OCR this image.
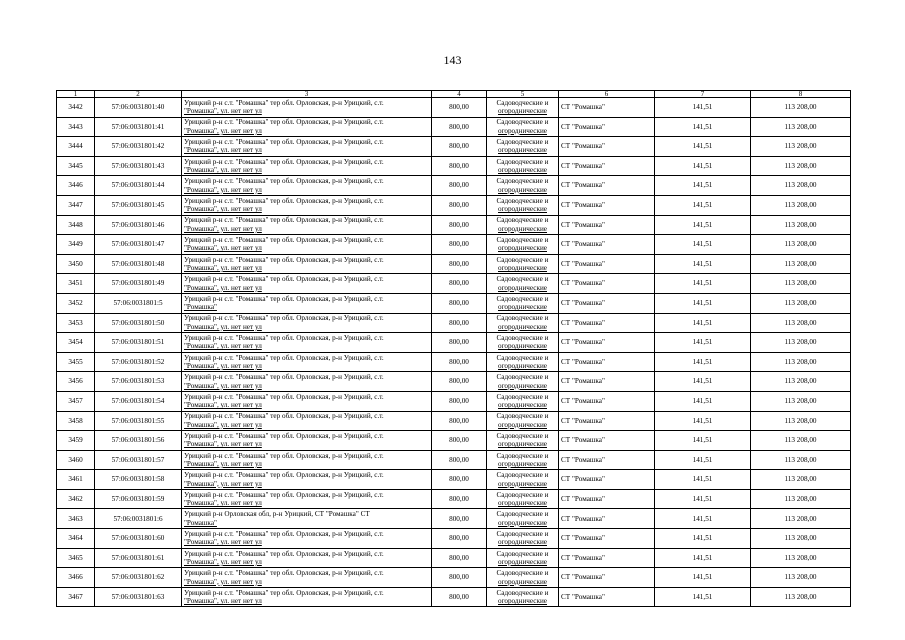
143
1	2	3	4	5	6	7	8
3442	57:06:0031801:40	Урицкий р-н с.т. "Ромашка" тер обл. Орловская, р-н Урицкий, с.т.
"Ромашка", ул. нет нет ул	800,00	Садоводческие и
огороднические	СТ "Ромашка"	141,51	113 208,00
3443	57:06:0031801:41	Урицкий р-н с.т. "Ромашка" тер обл. Орловская, р-н Урицкий, с.т.
"Ромашка", ул. нет нет ул	800,00	Садоводческие и
огороднические	СТ "Ромашка"	141,51	113 208,00
3444	57:06:0031801:42	Урицкий р-н с.т. "Ромашка" тер обл. Орловская, р-н Урицкий, с.т.
"Ромашка", ул. нет нет ул	800,00	Садоводческие и
огороднические	СТ "Ромашка"	141,51	113 208,00
3445	57:06:0031801:43	Урицкий р-н с.т. "Ромашка" тер обл. Орловская, р-н Урицкий, с.т.
"Ромашка", ул. нет нет ул	800,00	Садоводческие и
огороднические	СТ "Ромашка"	141,51	113 208,00
3446	57:06:0031801:44	Урицкий р-н с.т. "Ромашка" тер обл. Орловская, р-н Урицкий, с.т.
"Ромашка", ул. нет нет ул	800,00	Садоводческие и
огороднические	СТ "Ромашка"	141,51	113 208,00
3447	57:06:0031801:45	Урицкий р-н с.т. "Ромашка" тер обл. Орловская, р-н Урицкий, с.т.
"Ромашка", ул. нет нет ул	800,00	Садоводческие и
огороднические	СТ "Ромашка"	141,51	113 208,00
3448	57:06:0031801:46	Урицкий р-н с.т. "Ромашка" тер обл. Орловская, р-н Урицкий, с.т.
"Ромашка", ул. нет нет ул	800,00	Садоводческие и
огороднические	СТ "Ромашка"	141,51	113 208,00
3449	57:06:0031801:47	Урицкий р-н с.т. "Ромашка" тер обл. Орловская, р-н Урицкий, с.т.
"Ромашка", ул. нет нет ул	800,00	Садоводческие и
огороднические	СТ "Ромашка"	141,51	113 208,00
3450	57:06:0031801:48	Урицкий р-н с.т. "Ромашка" тер обл. Орловская, р-н Урицкий, с.т.
"Ромашка", ул. нет нет ул	800,00	Садоводческие и
огороднические	СТ "Ромашка"	141,51	113 208,00
3451	57:06:0031801:49	Урицкий р-н с.т. "Ромашка" тер обл. Орловская, р-н Урицкий, с.т.
"Ромашка", ул. нет нет ул	800,00	Садоводческие и
огороднические	СТ "Ромашка"	141,51	113 208,00
3452	57:06:0031801:5	Урицкий р-н с.т. "Ромашка" тер обл. Орловская, р-н Урицкий, с.т.
"Ромашка"	800,00	Садоводческие и
огороднические	СТ "Ромашка"	141,51	113 208,00
3453	57:06:0031801:50	Урицкий р-н с.т. "Ромашка" тер обл. Орловская, р-н Урицкий, с.т.
"Ромашка", ул. нет нет ул	800,00	Садоводческие и
огороднические	СТ "Ромашка"	141,51	113 208,00
3454	57:06:0031801:51	Урицкий р-н с.т. "Ромашка" тер обл. Орловская, р-н Урицкий, с.т.
"Ромашка", ул. нет нет ул	800,00	Садоводческие и
огороднические	СТ "Ромашка"	141,51	113 208,00
3455	57:06:0031801:52	Урицкий р-н с.т. "Ромашка" тер обл. Орловская, р-н Урицкий, с.т.
"Ромашка", ул. нет нет ул	800,00	Садоводческие и
огороднические	СТ "Ромашка"	141,51	113 208,00
3456	57:06:0031801:53	Урицкий р-н с.т. "Ромашка" тер обл. Орловская, р-н Урицкий, с.т.
"Ромашка", ул. нет нет ул	800,00	Садоводческие и
огороднические	СТ "Ромашка"	141,51	113 208,00
3457	57:06:0031801:54	Урицкий р-н с.т. "Ромашка" тер обл. Орловская, р-н Урицкий, с.т.
"Ромашка", ул. нет нет ул	800,00	Садоводческие и
огороднические	СТ "Ромашка"	141,51	113 208,00
3458	57:06:0031801:55	Урицкий р-н с.т. "Ромашка" тер обл. Орловская, р-н Урицкий, с.т.
"Ромашка", ул. нет нет ул	800,00	Садоводческие и
огороднические	СТ "Ромашка"	141,51	113 208,00
3459	57:06:0031801:56	Урицкий р-н с.т. "Ромашка" тер обл. Орловская, р-н Урицкий, с.т.
"Ромашка", ул. нет нет ул	800,00	Садоводческие и
огороднические	СТ "Ромашка"	141,51	113 208,00
3460	57:06:0031801:57	Урицкий р-н с.т. "Ромашка" тер обл. Орловская, р-н Урицкий, с.т.
"Ромашка", ул. нет нет ул	800,00	Садоводческие и
огороднические	СТ "Ромашка"	141,51	113 208,00
3461	57:06:0031801:58	Урицкий р-н с.т. "Ромашка" тер обл. Орловская, р-н Урицкий, с.т.
"Ромашка", ул. нет нет ул	800,00	Садоводческие и
огороднические	СТ "Ромашка"	141,51	113 208,00
3462	57:06:0031801:59	Урицкий р-н с.т. "Ромашка" тер обл. Орловская, р-н Урицкий, с.т.
"Ромашка", ул. нет нет ул	800,00	Садоводческие и
огороднические	СТ "Ромашка"	141,51	113 208,00
3463	57:06:0031801:6	Урицкий р-н Орловская обл, р-н Урицкий, СТ "Ромашка" СТ
"Ромашка"	800,00	Садоводческие и
огороднические	СТ "Ромашка"	141,51	113 208,00
3464	57:06:0031801:60	Урицкий р-н с.т. "Ромашка" тер обл. Орловская, р-н Урицкий, с.т.
"Ромашка", ул. нет нет ул	800,00	Садоводческие и
огороднические	СТ "Ромашка"	141,51	113 208,00
3465	57:06:0031801:61	Урицкий р-н с.т. "Ромашка" тер обл. Орловская, р-н Урицкий, с.т.
"Ромашка", ул. нет нет ул	800,00	Садоводческие и
огороднические	СТ "Ромашка"	141,51	113 208,00
3466	57:06:0031801:62	Урицкий р-н с.т. "Ромашка" тер обл. Орловская, р-н Урицкий, с.т.
"Ромашка", ул. нет нет ул	800,00	Садоводческие и
огороднические	СТ "Ромашка"	141,51	113 208,00
3467	57:06:0031801:63	Урицкий р-н с.т. "Ромашка" тер обл. Орловская, р-н Урицкий, с.т.
"Ромашка", ул. нет нет ул	800,00	Садоводческие и
огороднические	СТ "Ромашка"	141,51	113 208,00
